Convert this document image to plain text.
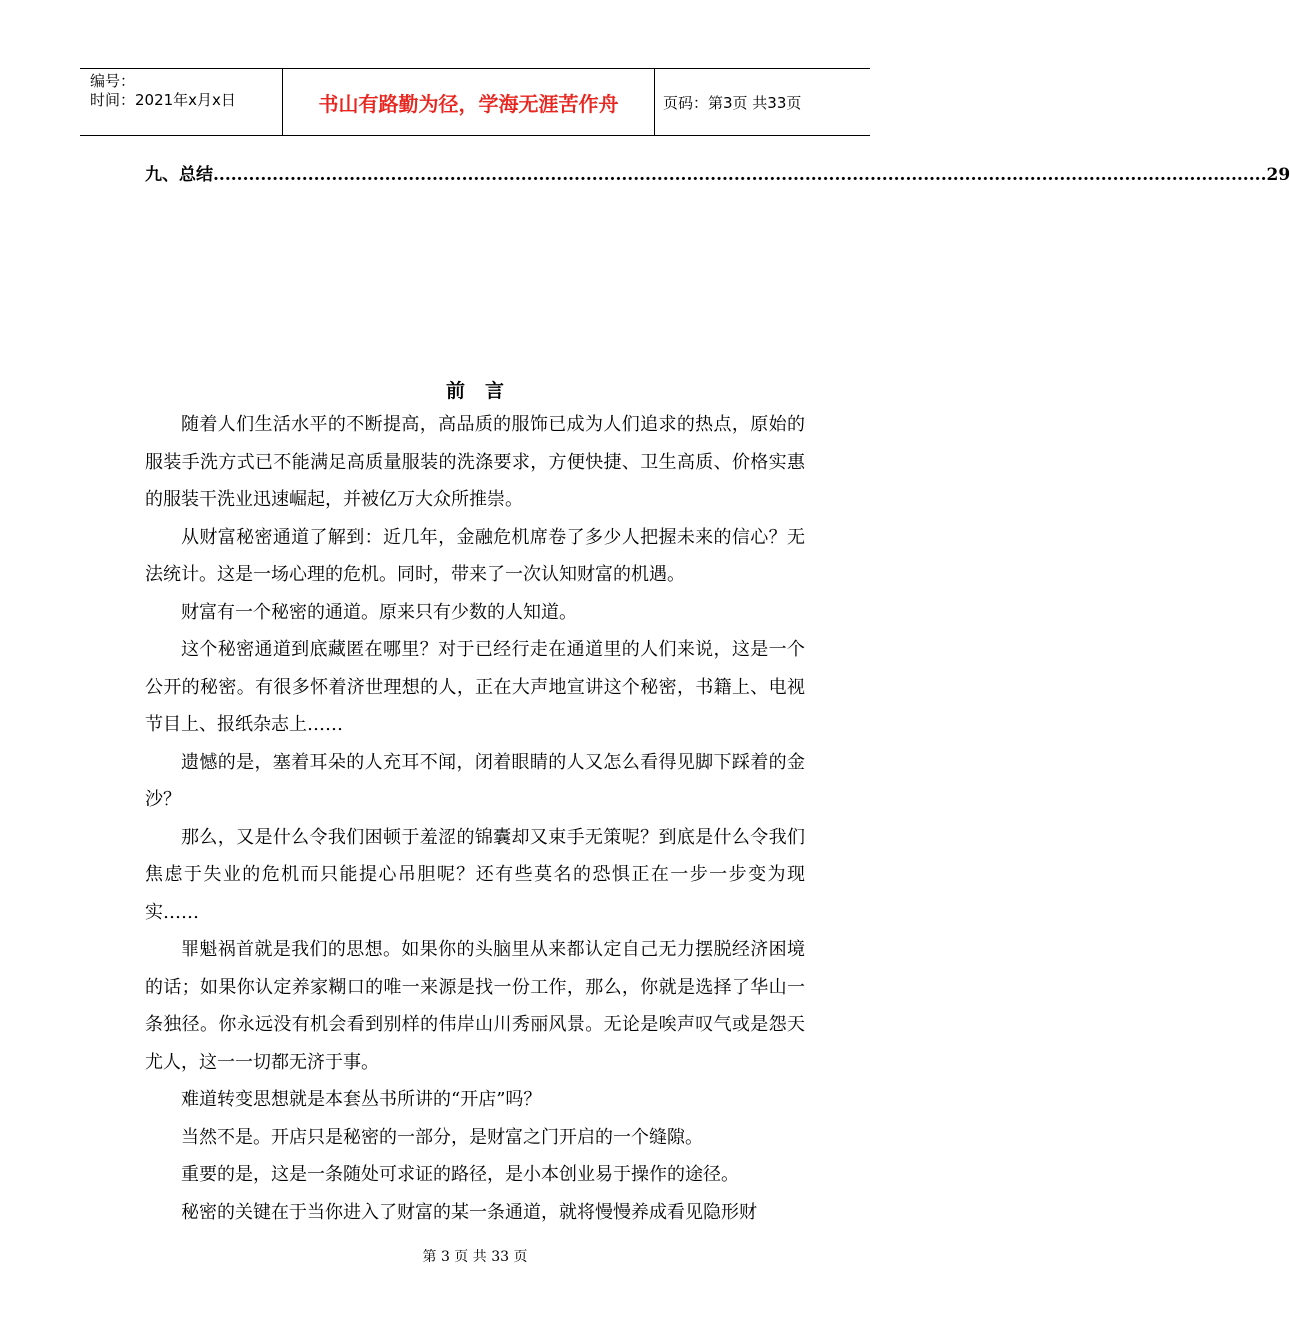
编号：
时间：2021年x月x日	书山有路勤为径，学海无涯苦作舟	页码：第3页 共33页
九、总结 .................................................................................................................................................................................. 29
前言

随着人们生活水平的不断提高，高品质的服饰已成为人们追求的热点，原始的服装手洗方式已不能满足高质量服装的洗涤要求，方便快捷、卫生高质、价格实惠的服装干洗业迅速崛起，并被亿万大众所推崇。

从财富秘密通道了解到：近几年，金融危机席卷了多少人把握未来的信心？无法统计。这是一场心理的危机。同时，带来了一次认知财富的机遇。

财富有一个秘密的通道。原来只有少数的人知道。

这个秘密通道到底藏匿在哪里？对于已经行走在通道里的人们来说，这是一个公开的秘密。有很多怀着济世理想的人，正在大声地宣讲这个秘密，书籍上、电视节目上、报纸杂志上……

遗憾的是，塞着耳朵的人充耳不闻，闭着眼睛的人又怎么看得见脚下踩着的金沙？

那么，又是什么令我们困顿于羞涩的锦囊却又束手无策呢？到底是什么令我们焦虑于失业的危机而只能提心吊胆呢？还有些莫名的恐惧正在一步一步变为现实……

罪魁祸首就是我们的思想。如果你的头脑里从来都认定自己无力摆脱经济困境的话；如果你认定养家糊口的唯一来源是找一份工作，那么，你就是选择了华山一条独径。你永远没有机会看到别样的伟岸山川秀丽风景。无论是唉声叹气或是怨天尤人，这一一切都无济于事。

难道转变思想就是本套丛书所讲的“开店”吗？

当然不是。开店只是秘密的一部分，是财富之门开启的一个缝隙。

重要的是，这是一条随处可求证的路径，是小本创业易于操作的途径。

秘密的关键在于当你进入了财富的某一条通道，就将慢慢养成看见隐形财

第 3 页 共 33 页
